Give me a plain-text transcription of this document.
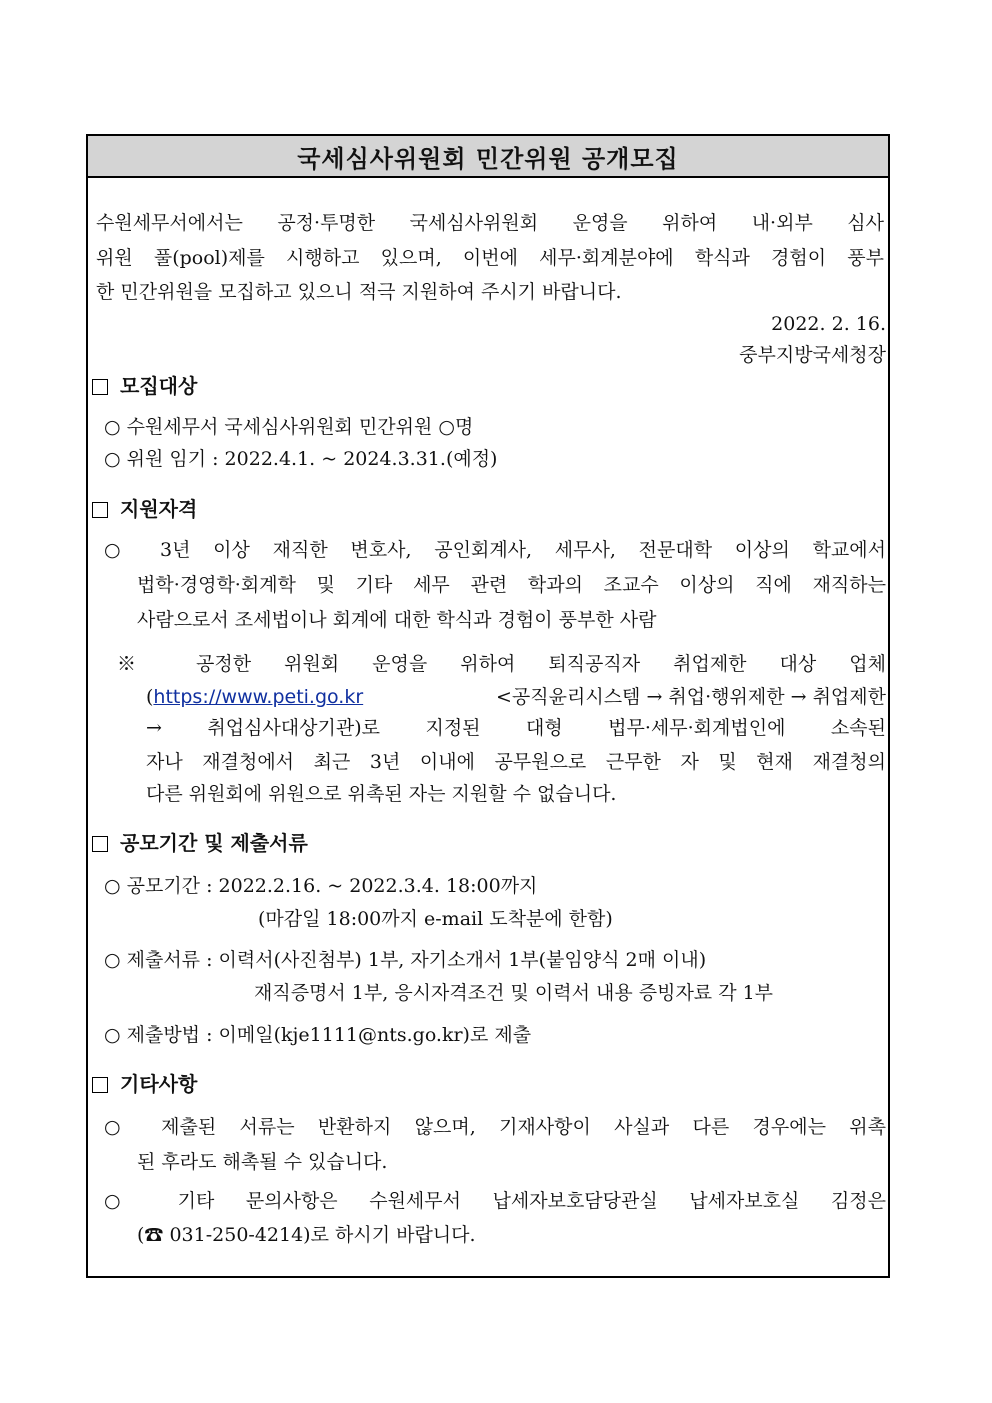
국세심사위원회 민간위원 공개모집
수원세무서에서는 공정·투명한 국세심사위원회 운영을 위하여 내·외부 심사
위원 풀(pool)제를 시행하고 있으며, 이번에 세무·회계분야에 학식과 경험이 풍부
한 민간위원을 모집하고 있으니 적극 지원하여 주시기 바랍니다.
2022. 2. 16.
중부지방국세청장
모집대상
○ 수원세무서 국세심사위원회 민간위원 ○명
○ 위원 임기 : 2022.4.1. ~ 2024.3.31.(예정)
지원자격
○ 3년 이상 재직한 변호사, 공인회계사, 세무사, 전문대학 이상의 학교에서
법학·경영학·회계학 및 기타 세무 관련 학과의 조교수 이상의 직에 재직하는
사람으로서 조세법이나 회계에 대한 학식과 경험이 풍부한 사람
※ 공정한 위원회 운영을 위하여 퇴직공직자 취업제한 대상 업체
(https://www.peti.go.kr	<공직윤리시스템 → 취업·행위제한 → 취업제한
→ 취업심사대상기관)로 지정된 대형 법무·세무·회계법인에 소속된
자나 재결청에서 최근 3년 이내에 공무원으로 근무한 자 및 현재 재결청의
다른 위원회에 위원으로 위촉된 자는 지원할 수 없습니다.
공모기간 및 제출서류
○ 공모기간 : 2022.2.16. ~ 2022.3.4. 18:00까지
(마감일 18:00까지 e-mail 도착분에 한함)
○ 제출서류 : 이력서(사진첨부) 1부, 자기소개서 1부(붙임양식 2매 이내)
재직증명서 1부, 응시자격조건 및 이력서 내용 증빙자료 각 1부
○ 제출방법 : 이메일(kje1111@nts.go.kr)로 제출
기타사항
○ 제출된 서류는 반환하지 않으며, 기재사항이 사실과 다른 경우에는 위촉
된 후라도 해촉될 수 있습니다.
○ 기타 문의사항은 수원세무서 납세자보호담당관실 납세자보호실 김정은
(☎ 031-250-4214)로 하시기 바랍니다.
